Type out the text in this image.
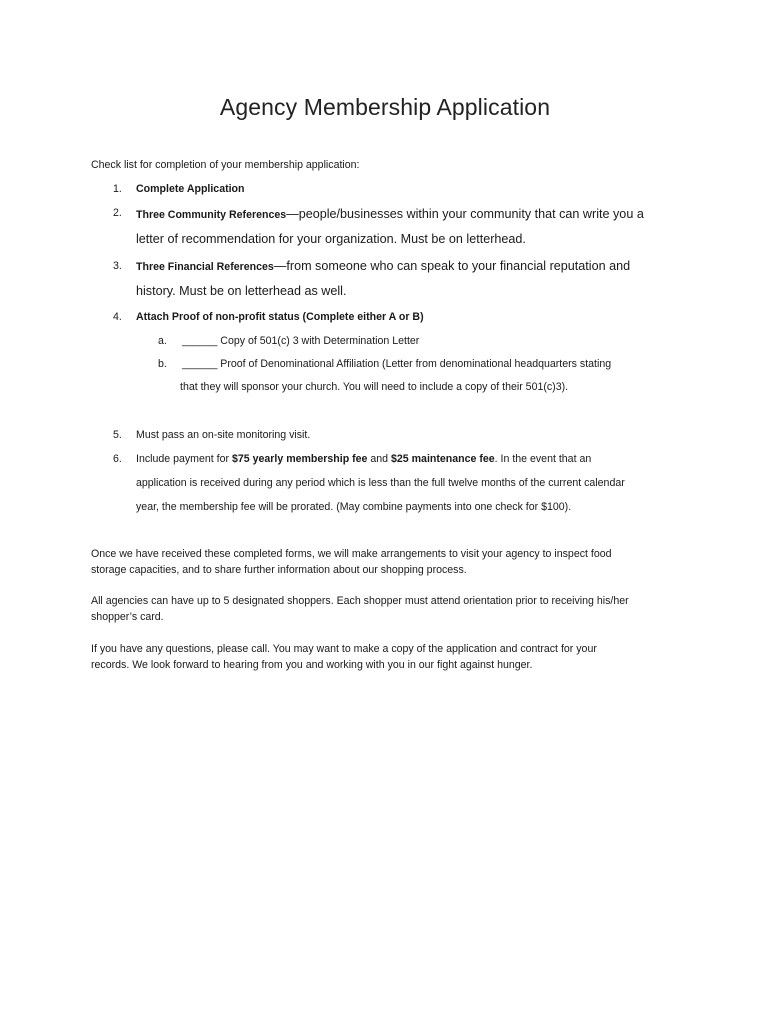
Agency Membership Application
Check list for completion of your membership application:
1. Complete Application
2. Three Community References—people/businesses within your community that can write you a
letter of recommendation for your organization. Must be on letterhead.
3. Three Financial References—from someone who can speak to your financial reputation and
history. Must be on letterhead as well.
4. Attach Proof of non-profit status (Complete either A or B)
a. ______ Copy of 501(c) 3 with Determination Letter
b. ______ Proof of Denominational Affiliation (Letter from denominational headquarters stating
that they will sponsor your church. You will need to include a copy of their 501(c)3).
5. Must pass an on-site monitoring visit.
6. Include payment for $75 yearly membership fee and $25 maintenance fee. In the event that an
application is received during any period which is less than the full twelve months of the current calendar
year, the membership fee will be prorated. (May combine payments into one check for $100).
Once we have received these completed forms, we will make arrangements to visit your agency to inspect food
storage capacities, and to share further information about our shopping process.
All agencies can have up to 5 designated shoppers. Each shopper must attend orientation prior to receiving his/her
shopper’s card.
If you have any questions, please call. You may want to make a copy of the application and contract for your
records. We look forward to hearing from you and working with you in our fight against hunger.
